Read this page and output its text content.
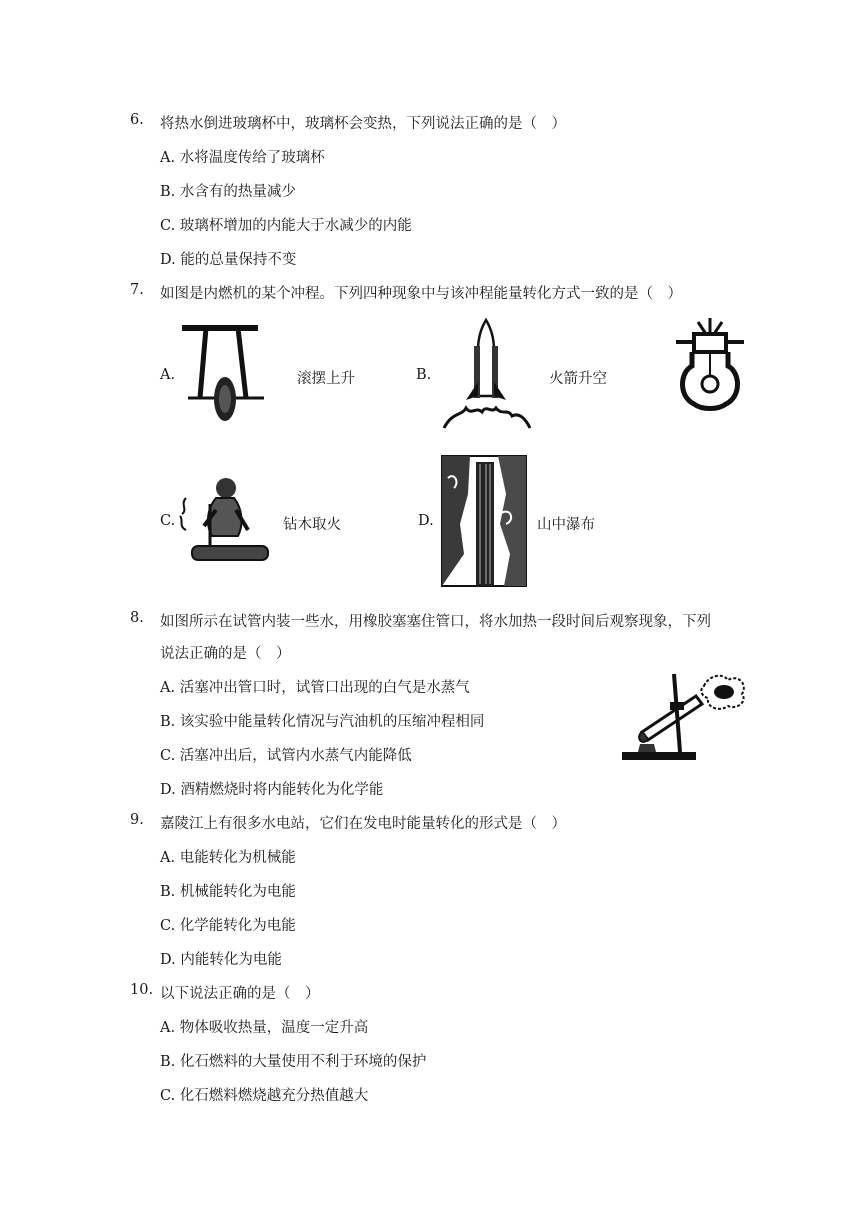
6.	将热水倒进玻璃杯中，玻璃杯会变热，下列说法正确的是（　）
A. 水将温度传给了玻璃杯
B. 水含有的热量减少
C. 玻璃杯增加的内能大于水减少的内能
D. 能的总量保持不变
7.	如图是内燃机的某个冲程。下列四种现象中与该冲程能量转化方式一致的是（　）
A.	滚摆上升	B.	火箭升空
C.	钻木取火	D.	山中瀑布
8.	如图所示在试管内装一些水，用橡胶塞塞住管口，将水加热一段时间后观察现象，下列
说法正确的是（　）
A. 活塞冲出管口时，试管口出现的白气是水蒸气
B. 该实验中能量转化情况与汽油机的压缩冲程相同
C. 活塞冲出后，试管内水蒸气内能降低
D. 酒精燃烧时将内能转化为化学能
9.	嘉陵江上有很多水电站，它们在发电时能量转化的形式是（　）
A. 电能转化为机械能
B. 机械能转化为电能
C. 化学能转化为电能
D. 内能转化为电能
10. 以下说法正确的是（　）
A. 物体吸收热量，温度一定升高
B. 化石燃料的大量使用不利于环境的保护
C. 化石燃料燃烧越充分热值越大
